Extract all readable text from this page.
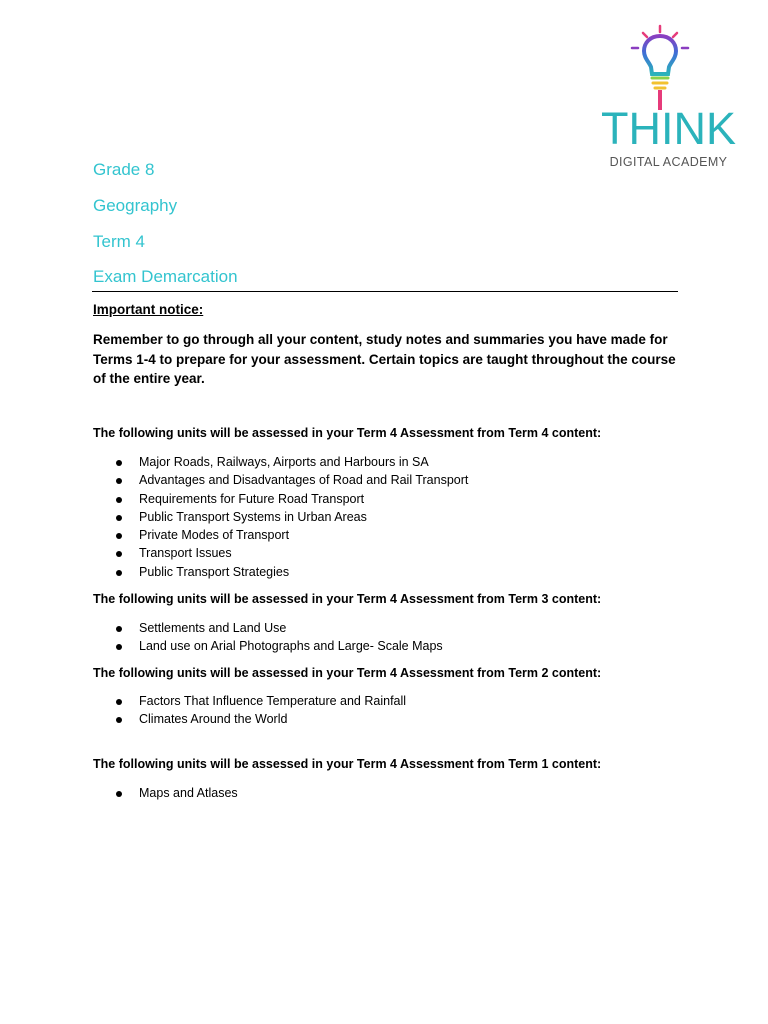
THINK
DIGITAL ACADEMY
Grade 8
Geography
Term 4
Exam Demarcation
Important notice:

Remember to go through all your content, study notes and summaries you have made for Terms 1-4 to prepare for your assessment. Certain topics are taught throughout the course of the entire year.

The following units will be assessed in your Term 4 Assessment from Term 4 content:
Major Roads, Railways, Airports and Harbours in SA
Advantages and Disadvantages of Road and Rail Transport
Requirements for Future Road Transport
Public Transport Systems in Urban Areas
Private Modes of Transport
Transport Issues
Public Transport Strategies
The following units will be assessed in your Term 4 Assessment from Term 3 content:
Settlements and Land Use
Land use on Arial Photographs and Large- Scale Maps
The following units will be assessed in your Term 4 Assessment from Term 2 content:
Factors That Influence Temperature and Rainfall
Climates Around the World
The following units will be assessed in your Term 4 Assessment from Term 1 content:
Maps and Atlases
